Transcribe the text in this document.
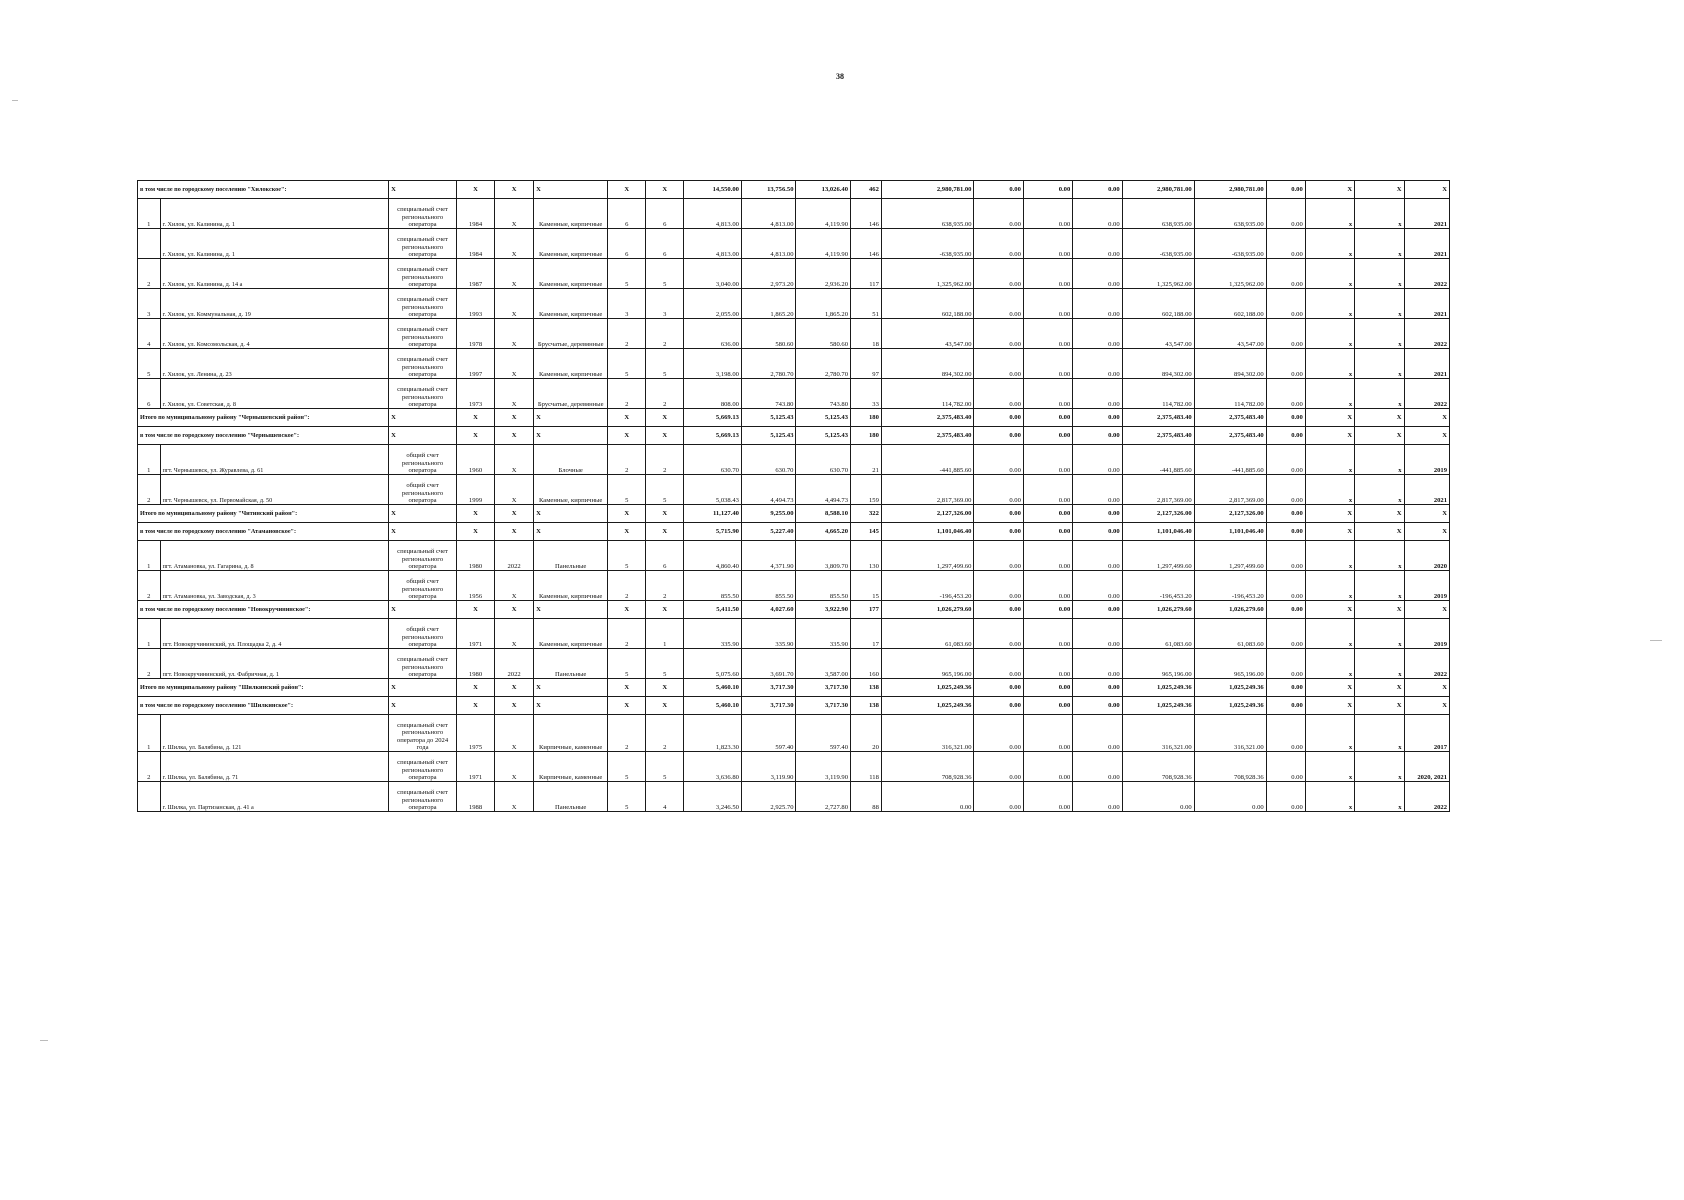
38
в том числе по городскому поселению "Хилокское":		X	X	X	X	X	X	14,550.00	13,756.50	13,026.40	462	2,980,781.00	0.00	0.00	0.00	2,980,781.00	2,980,781.00	0.00	X	X	X
1	г. Хилок, ул. Калинина, д. 1	специальный счет регионального оператора	1984	X	Каменные, кирпичные	6	6	4,813.00	4,813.00	4,119.90	146	638,935.00	0.00	0.00	0.00	638,935.00	638,935.00	0.00	x	x	2021
	г. Хилок, ул. Калинина, д. 1	специальный счет регионального оператора	1984	X	Каменные, кирпичные	6	6	4,813.00	4,813.00	4,119.90	146	-638,935.00	0.00	0.00	0.00	-638,935.00	-638,935.00	0.00	x	x	2021
2	г. Хилок, ул. Калинина, д. 14 а	специальный счет регионального оператора	1987	X	Каменные, кирпичные	5	5	3,040.00	2,973.20	2,936.20	117	1,325,962.00	0.00	0.00	0.00	1,325,962.00	1,325,962.00	0.00	x	x	2022
3	г. Хилок, ул. Коммунальная, д. 19	специальный счет регионального оператора	1993	X	Каменные, кирпичные	3	3	2,055.00	1,865.20	1,865.20	51	602,188.00	0.00	0.00	0.00	602,188.00	602,188.00	0.00	x	x	2021
4	г. Хилок, ул. Комсомольская, д. 4	специальный счет регионального оператора	1978	X	Брусчатые, деревянные	2	2	636.00	580.60	580.60	18	43,547.00	0.00	0.00	0.00	43,547.00	43,547.00	0.00	x	x	2022
5	г. Хилок, ул. Ленина, д. 23	специальный счет регионального оператора	1997	X	Каменные, кирпичные	5	5	3,198.00	2,780.70	2,780.70	97	894,302.00	0.00	0.00	0.00	894,302.00	894,302.00	0.00	x	x	2021
6	г. Хилок, ул. Советская, д. 8	специальный счет регионального оператора	1973	X	Брусчатые, деревянные	2	2	808.00	743.80	743.80	33	114,782.00	0.00	0.00	0.00	114,782.00	114,782.00	0.00	x	x	2022
Итого по муниципальному району "Чернышевский район":		X	X	X	X	X	X	5,669.13	5,125.43	5,125.43	180	2,375,483.40	0.00	0.00	0.00	2,375,483.40	2,375,483.40	0.00	X	X	X
в том числе по городскому поселению "Чернышевское":		X	X	X	X	X	X	5,669.13	5,125.43	5,125.43	180	2,375,483.40	0.00	0.00	0.00	2,375,483.40	2,375,483.40	0.00	X	X	X
1	пгт. Чернышевск, ул. Журавлева, д. 61	общий счет регионального оператора	1960	X	Блочные	2	2	630.70	630.70	630.70	21	-441,885.60	0.00	0.00	0.00	-441,885.60	-441,885.60	0.00	x	x	2019
2	пгт. Чернышевск, ул. Первомайская, д. 50	общий счет регионального оператора	1999	X	Каменные, кирпичные	5	5	5,038.43	4,494.73	4,494.73	159	2,817,369.00	0.00	0.00	0.00	2,817,369.00	2,817,369.00	0.00	x	x	2021
Итого по муниципальному району "Читинский район":		X	X	X	X	X	X	11,127.40	9,255.00	8,588.10	322	2,127,326.00	0.00	0.00	0.00	2,127,326.00	2,127,326.00	0.00	X	X	X
в том числе по городскому поселению "Атамановское":		X	X	X	X	X	X	5,715.90	5,227.40	4,665.20	145	1,101,046.40	0.00	0.00	0.00	1,101,046.40	1,101,046.40	0.00	X	X	X
1	пгт. Атамановка, ул. Гагарина, д. 8	специальный счет регионального оператора	1980	2022	Панельные	5	6	4,860.40	4,371.90	3,809.70	130	1,297,499.60	0.00	0.00	0.00	1,297,499.60	1,297,499.60	0.00	x	x	2020
2	пгт. Атамановка, ул. Заводская, д. 3	общий счет регионального оператора	1956	X	Каменные, кирпичные	2	2	855.50	855.50	855.50	15	-196,453.20	0.00	0.00	0.00	-196,453.20	-196,453.20	0.00	x	x	2019
в том числе по городскому поселению "Новокручининское":		X	X	X	X	X	X	5,411.50	4,027.60	3,922.90	177	1,026,279.60	0.00	0.00	0.00	1,026,279.60	1,026,279.60	0.00	X	X	X
1	пгт. Новокручининский, ул. Площадка 2, д. 4	общий счет регионального оператора	1971	X	Каменные, кирпичные	2	1	335.90	335.90	335.90	17	61,083.60	0.00	0.00	0.00	61,083.60	61,083.60	0.00	x	x	2019
2	пгт. Новокручининский, ул. Фабричная, д. 1	специальный счет регионального оператора	1980	2022	Панельные	5	5	5,075.60	3,691.70	3,587.00	160	965,196.00	0.00	0.00	0.00	965,196.00	965,196.00	0.00	x	x	2022
Итого по муниципальному району "Шилкинский район":		X	X	X	X	X	X	5,460.10	3,717.30	3,717.30	138	1,025,249.36	0.00	0.00	0.00	1,025,249.36	1,025,249.36	0.00	X	X	X
в том числе по городскому поселению "Шилкинское":		X	X	X	X	X	X	5,460.10	3,717.30	3,717.30	138	1,025,249.36	0.00	0.00	0.00	1,025,249.36	1,025,249.36	0.00	X	X	X
1	г. Шилка, ул. Балябина, д. 121	специальный счет регионального оператора до 2024 года	1975	X	Кирпичные, каменные	2	2	1,823.30	597.40	597.40	20	316,321.00	0.00	0.00	0.00	316,321.00	316,321.00	0.00	x	x	2017
2	г. Шилка, ул. Балябина, д. 71	специальный счет регионального оператора	1971	X	Кирпичные, каменные	5	5	3,636.80	3,119.90	3,119.90	118	708,928.36	0.00	0.00	0.00	708,928.36	708,928.36	0.00	x	x	2020, 2021
	г. Шилка, ул. Партизанская, д. 41 а	специальный счет регионального оператора	1988	X	Панельные	5	4	3,246.50	2,925.70	2,727.80	88	0.00	0.00	0.00	0.00	0.00	0.00	0.00	x	x	2022
